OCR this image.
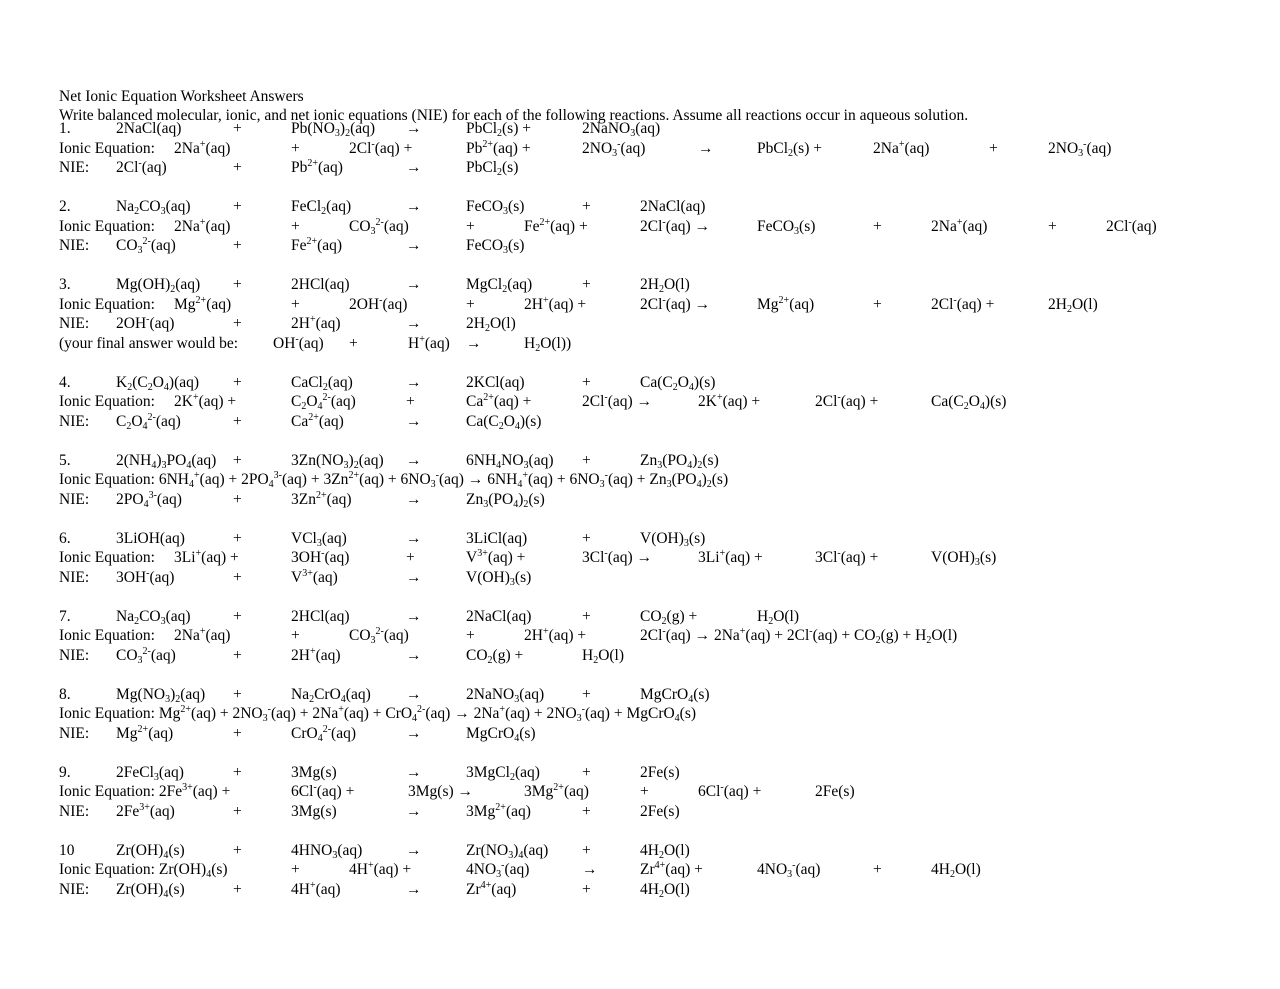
Net Ionic Equation Worksheet Answers
Write balanced molecular, ionic, and net ionic equations (NIE) for each of the following reactions. Assume all reactions occur in aqueous solution.
1.	2NaCl(aq)	+	$Pb(NO_3)_2(aq)$ →	PbCl$_2$(s) +	2NaNO$_3$(aq)
Ionic Equation: 2Na+(aq)	+	2Cl-(aq) +	$Pb^{2+}(aq)$ +	$2NO_3^-(aq)$	→	PbCl$_2$(s) +	2Na+(aq)	+	$2NO_3^-(aq)$
NIE: 2Cl-(aq)	+	$Pb^{2+}(aq)$	→	PbCl$_2$(s)
2.	$Na_2CO_3(aq)$	+	FeCl$_2$(aq)	→	FeCO$_3$(s)	+	2NaCl(aq)
Ionic Equation: 2Na+(aq)	+	$CO_3^{2-}(aq)$	+	$Fe^{2+}(aq)$ +	2Cl-(aq) →	FeCO$_3$(s)	+	2Na+(aq)	+	2Cl-(aq)
NIE: $CO_3^{2-}(aq)$	+	$Fe^{2+}(aq)$	→	FeCO$_3$(s)
3.	$Mg(OH)_2(aq)$ +	2HCl(aq)	→	MgCl$_2$(aq)	+	$2H_2O(l)$
Ionic Equation: $Mg^{2+}(aq)$	+	2OH-(aq)	+	2H+(aq) +	2Cl-(aq) →	$Mg^{2+}(aq)$	+	2Cl-(aq) +	$2H_2O(l)$
NIE: 2OH-(aq)	+	2H+(aq)	→	$2H_2O(l)$
(your final answer would be: OH-(aq) +	H+(aq) →	$H_2O(l)$)
4.	$K_2(C_2O_4)(aq)$ +	CaCl$_2$(aq)	→	2KCl(aq)	+	$Ca(C_2O_4)(s)$
Ionic Equation: 2K+(aq) +	$C_2O_4^{2-}(aq)$	+	$Ca^{2+}(aq)$ +	2Cl-(aq) →	2K+(aq) +	2Cl-(aq) +	$Ca(C_2O_4)(s)$
NIE: $C_2O_4^{2-}(aq)$	+	$Ca^{2+}(aq)$	→	$Ca(C_2O_4)(s)$
5.	$2(NH_4)_3PO_4(aq)$ +	$3Zn(NO_3)_2(aq)$ →	$6NH_4NO_3(aq)$ +	$Zn_3(PO_4)_2(s)$
Ionic Equation: $6NH_4^+(aq) + 2PO_4^{3-}(aq) + 3Zn^{2+}(aq) + 6NO_3^-(aq) \to 6NH_4^+(aq) + 6NO_3^-(aq) + Zn_3(PO_4)_2(s)$
NIE: $2PO_4^{3-}(aq)$	+	$3Zn^{2+}(aq)$	→	$Zn_3(PO_4)_2(s)$
6.	3LiOH(aq)	+	VCl$_3$(aq)	→	3LiCl(aq)	+	$V(OH)_3(s)$
Ionic Equation: 3Li+(aq) +	3OH-(aq)	+	$V^{3+}(aq)$ +	3Cl-(aq) →	3Li+(aq) +	3Cl-(aq) +	$V(OH)_3(s)$
NIE: 3OH-(aq)	+	$V^{3+}(aq)$	→	$V(OH)_3(s)$
7.	$Na_2CO_3(aq)$	+	2HCl(aq)	→	2NaCl(aq)	+	$CO_2(g)$ +	$H_2O(l)$
Ionic Equation: 2Na+(aq)	+	$CO_3^{2-}(aq)$	+	2H+(aq) +	$2Cl^-(aq) \to 2Na^+(aq) + 2Cl^-(aq) + CO_2(g) + H_2O(l)$
NIE: $CO_3^{2-}(aq)$	+	2H+(aq)	→	$CO_2(g)$ +	$H_2O(l)$
8.	$Mg(NO_3)_2(aq)$ +	$Na_2CrO_4(aq)$ →	2NaNO$_3$(aq) +	MgCrO$_4$(s)
Ionic Equation: $Mg^{2+}(aq) + 2NO_3^-(aq) + 2Na^+(aq) + CrO_4^{2-}(aq) \to 2Na^+(aq) + 2NO_3^-(aq)$ + MgCrO$_4$(s)
NIE: $Mg^{2+}(aq)$	+	CrO$_4^{2-}$(aq)	→	MgCrO$_4$(s)
9.	2FeCl$_3$(aq)	+	3Mg(s)	→	3MgCl$_2$(aq)	+	2Fe(s)
Ionic Equation: $2Fe^{3+}(aq)$ +	6Cl-(aq) +	3Mg(s) →	$3Mg^{2+}(aq)$	+	6Cl-(aq) +	2Fe(s)
NIE: $2Fe^{3+}(aq)$	+	3Mg(s)	→	$3Mg^{2+}(aq)$	+	2Fe(s)
10	$Zr(OH)_4(s)$	+	$4HNO_3(aq)$	→	$Zr(NO_3)_4(aq)$ +	$4H_2O(l)$
Ionic Equation: $Zr(OH)_4(s)$	+	4H+(aq) +	$4NO_3^-(aq)$	→	$Zr^{4+}(aq)$ +	$4NO_3^-(aq)$	+	$4H_2O(l)$
NIE: $Zr(OH)_4(s)$	+	4H+(aq)	→	$Zr^{4+}(aq)$	+	$4H_2O(l)$
